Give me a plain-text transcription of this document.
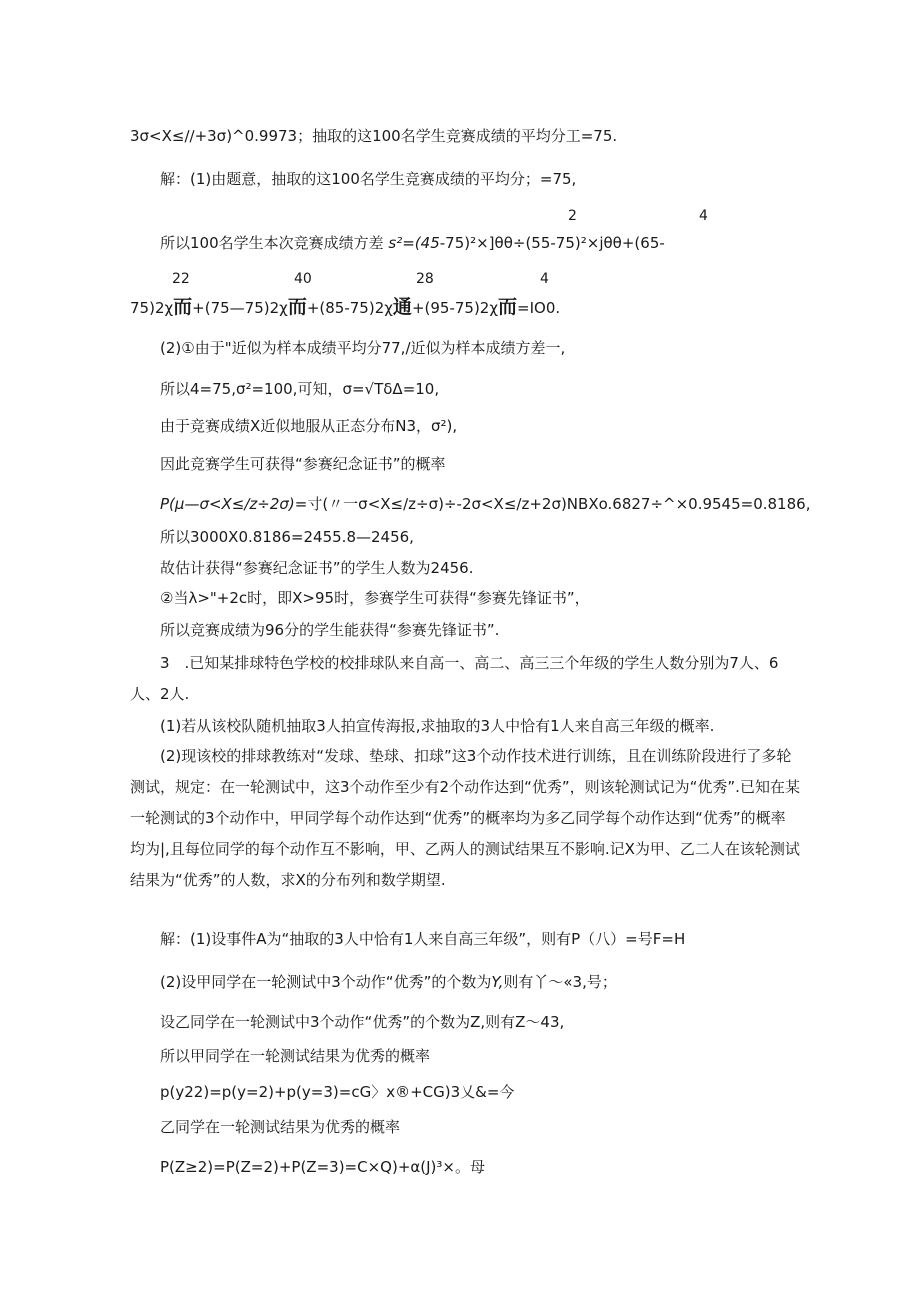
3σ<X≤∕∕+3σ)^0.9973；抽取的这100名学生竞赛成绩的平均分工=75.
解：(1)由题意，抽取的这100名学生竞赛成绩的平均分；=75,
2	4
所以100名学生本次竞赛成绩方差 s²=(45-75)²×]θθ÷(55-75)²×jθθ+(65-
22	40	28	4
75)2χ而+(75—75)2χ而+(85-75)2χ通+(95-75)2χ而=IO0.
(2)①由于"近似为样本成绩平均分77,/近似为样本成绩方差一,
所以4=75,σ²=100,可知，σ=√TδΔ=10,
由于竞赛成绩X近似地服从正态分布N3，σ²),
因此竞赛学生可获得“参赛纪念证书”的概率
P(μ—σ<X≤∕z÷2σ)=寸(〃一σ<X≤∕z÷σ)÷-2σ<X≤∕z+2σ)NBXo.6827÷^×0.9545=0.8186,
所以3000X0.8186=2455.8—2456,
故估计获得“参赛纪念证书”的学生人数为2456.
②当λ>"+2c时，即X>95时，参赛学生可获得“参赛先锋证书”，
所以竞赛成绩为96分的学生能获得“参赛先锋证书”.
3　.已知某排球特色学校的校排球队来自高一、高二、高三三个年级的学生人数分别为7人、6人、2人.
(1)若从该校队随机抽取3人拍宣传海报,求抽取的3人中恰有1人来自高三年级的概率.
(2)现该校的排球教练对“发球、垫球、扣球”这3个动作技术进行训练，且在训练阶段进行了多轮测试，规定：在一轮测试中，这3个动作至少有2个动作达到“优秀”，则该轮测试记为“优秀”.已知在某一轮测试的3个动作中，甲同学每个动作达到“优秀”的概率均为多乙同学每个动作达到“优秀”的概率均为|,且每位同学的每个动作互不影响，甲、乙两人的测试结果互不影响.记X为甲、乙二人在该轮测试结果为“优秀”的人数，求X的分布列和数学期望.
解：(1)设事件A为“抽取的3人中恰有1人来自高三年级”，则有P（八）=号F=H
(2)设甲同学在一轮测试中3个动作“优秀”的个数为Y,则有丫〜«3,号；
设乙同学在一轮测试中3个动作“优秀”的个数为Z,则有Z〜43,
所以甲同学在一轮测试结果为优秀的概率
p(y22)=p(y=2)+p(y=3)=cG〉x®+CG)3乂&=今
乙同学在一轮测试结果为优秀的概率
P(Z≥2)=P(Z=2)+P(Z=3)=C×Q)+α(J)³×。母
